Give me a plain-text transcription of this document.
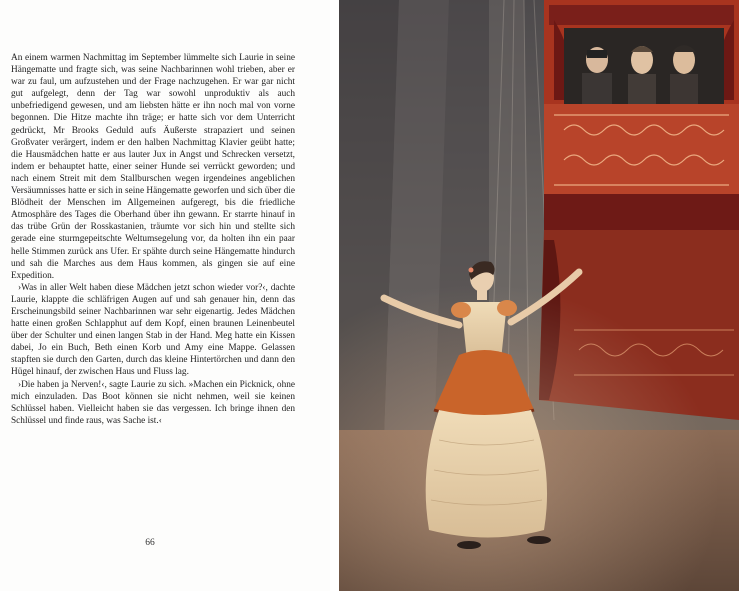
An einem warmen Nachmittag im September lümmelte sich Laurie in seine Hängematte und fragte sich, was seine Nachbarinnen wohl trieben, aber er war zu faul, um aufzustehen und der Frage nachzugehen. Er war gar nicht gut aufgelegt, denn der Tag war sowohl unproduktiv als auch unbefriedigend gewesen, und am liebsten hätte er ihn noch mal von vorne begonnen. Die Hitze machte ihn träge; er hatte sich vor dem Unterricht gedrückt, Mr Brooks Geduld aufs Äußerste strapaziert und seinen Großvater verärgert, indem er den halben Nachmittag Klavier geübt hatte; die Hausmädchen hatte er aus lauter Jux in Angst und Schrecken versetzt, indem er behauptet hatte, einer seiner Hunde sei verrückt geworden; und nach einem Streit mit dem Stallburschen wegen irgendeines angeblichen Versäumnisses hatte er sich in seine Hängematte geworfen und sich über die Blödheit der Menschen im Allgemeinen aufgeregt, bis die friedliche Atmosphäre des Tages die Oberhand über ihn gewann. Er starrte hinauf in das trübe Grün der Rosskastanien, träumte vor sich hin und stellte sich gerade eine sturmgepeitschte Weltumsegelung vor, da holten ihn ein paar helle Stimmen zurück ans Ufer. Er spähte durch seine Hängematte hindurch und sah die Marches aus dem Haus kommen, als gingen sie auf eine Expedition.

›Was in aller Welt haben diese Mädchen jetzt schon wieder vor?‹, dachte Laurie, klappte die schläfrigen Augen auf und sah genauer hin, denn das Erscheinungsbild seiner Nachbarinnen war sehr eigenartig. Jedes Mädchen hatte einen großen Schlapphut auf dem Kopf, einen braunen Leinenbeutel über der Schulter und einen langen Stab in der Hand. Meg hatte ein Kissen dabei, Jo ein Buch, Beth einen Korb und Amy eine Mappe. Gelassen stapften sie durch den Garten, durch das kleine Hintertörchen und dann den Hügel hinauf, der zwischen Haus und Fluss lag.

›Die haben ja Nerven!‹, sagte Laurie zu sich. »Machen ein Picknick, ohne mich einzuladen. Das Boot können sie nicht nehmen, weil sie keinen Schlüssel haben. Vielleicht haben sie das vergessen. Ich bringe ihnen den Schlüssel und finde raus, was Sache ist.‹

66
